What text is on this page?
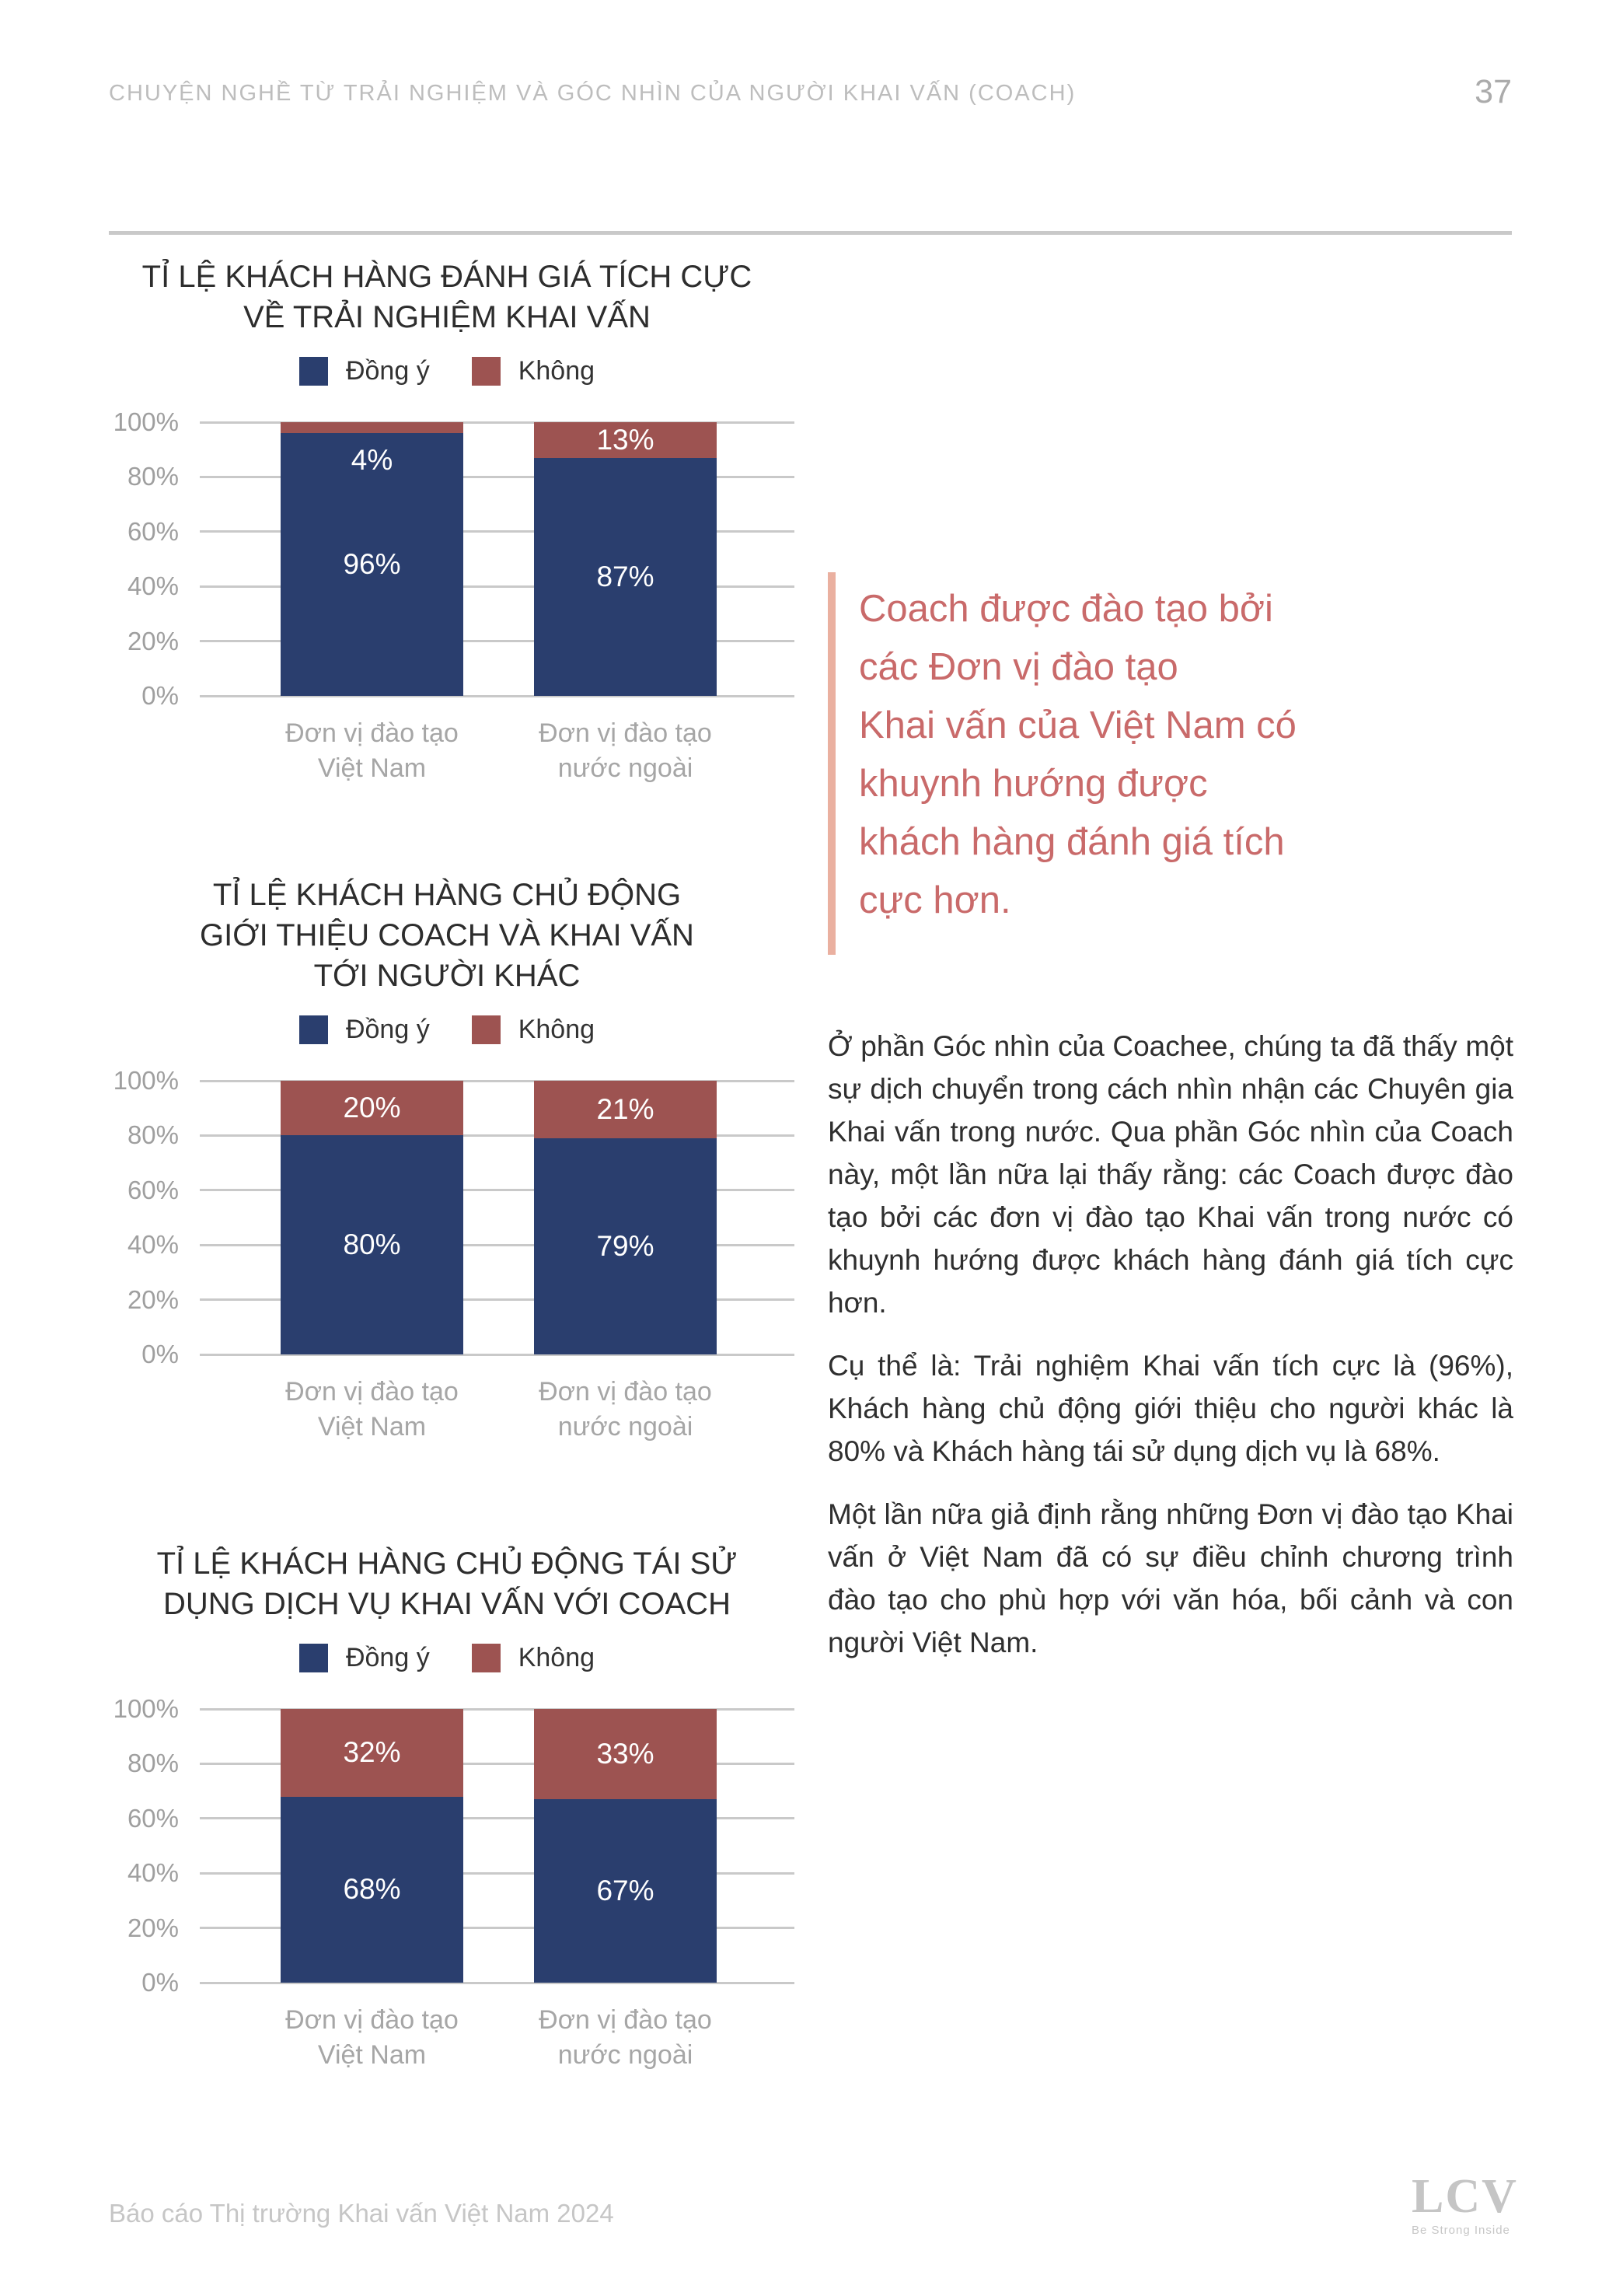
CHUYỆN NGHỀ TỪ TRẢI NGHIỆM VÀ GÓC NHÌN CỦA NGƯỜI KHAI VẤN (COACH)	37
TỈ LỆ KHÁCH HÀNG ĐÁNH GIÁ TÍCH CỰC
VỀ TRẢI NGHIỆM KHAI VẤN
Đồng ý	Không
100%
80%
60%
40%
20%
0%
96%
4%
87%
13%
Đơn vị đào tạo
Việt Nam
Đơn vị đào tạo
nước ngoài
TỈ LỆ KHÁCH HÀNG CHỦ ĐỘNG
GIỚI THIỆU COACH VÀ KHAI VẤN
TỚI NGƯỜI KHÁC
Đồng ý	Không
100%
80%
60%
40%
20%
0%
80%
20%
79%
21%
Đơn vị đào tạo
Việt Nam
Đơn vị đào tạo
nước ngoài
TỈ LỆ KHÁCH HÀNG CHỦ ĐỘNG TÁI SỬ
DỤNG DỊCH VỤ KHAI VẤN VỚI COACH
Đồng ý	Không
100%
80%
60%
40%
20%
0%
68%
32%
67%
33%
Đơn vị đào tạo
Việt Nam
Đơn vị đào tạo
nước ngoài
Coach được đào tạo bởi
các Đơn vị đào tạo
Khai vấn của Việt Nam có
khuynh hướng được
khách hàng đánh giá tích
cực hơn.

Ở phần Góc nhìn của Coachee, chúng ta đã thấy một sự dịch chuyển trong cách nhìn nhận các Chuyên gia Khai vấn trong nước. Qua phần Góc nhìn của Coach này, một lần nữa lại thấy rằng: các Coach được đào tạo bởi các đơn vị đào tạo Khai vấn trong nước có khuynh hướng được khách hàng đánh giá tích cực hơn.

Cụ thể là: Trải nghiệm Khai vấn tích cực là (96%), Khách hàng chủ động giới thiệu cho người khác là 80% và Khách hàng tái sử dụng dịch vụ là 68%.

Một lần nữa giả định rằng những Đơn vị đào tạo Khai vấn ở Việt Nam đã có sự điều chỉnh chương trình đào tạo cho phù hợp với văn hóa, bối cảnh và con người Việt Nam.

Báo cáo Thị trường Khai vấn Việt Nam 2024	LCV
Be Strong Inside
